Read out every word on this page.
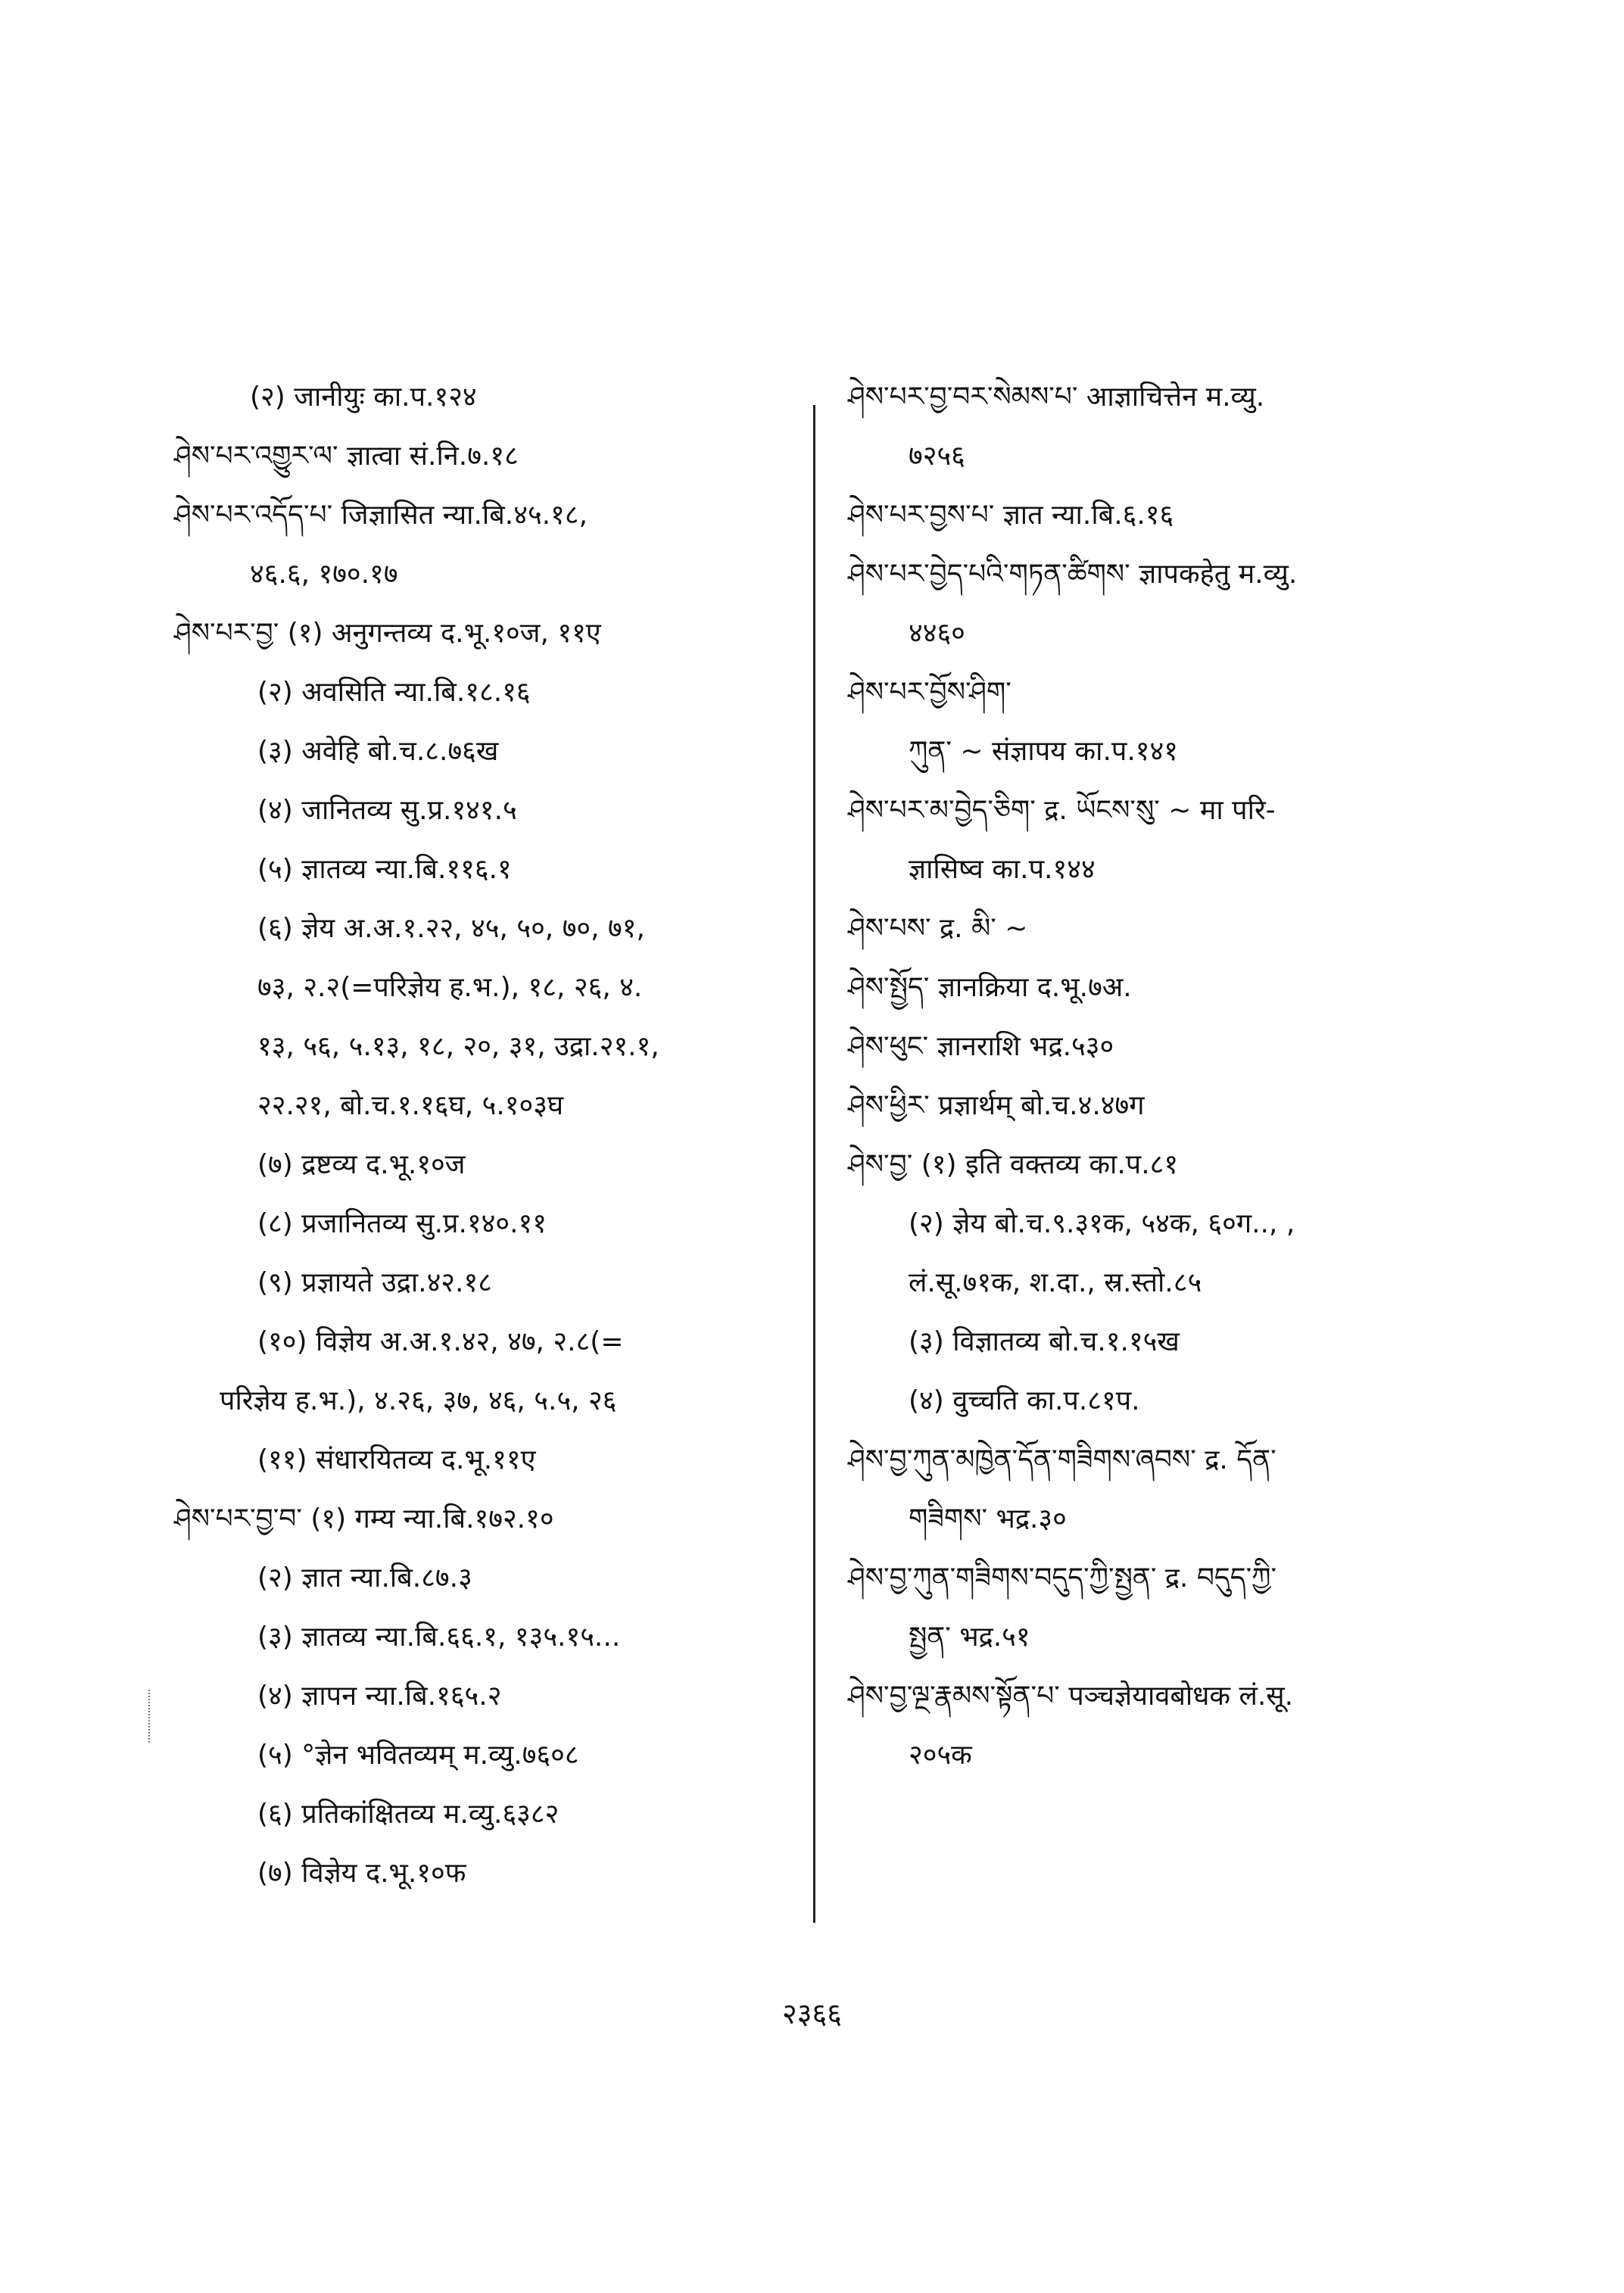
(२) जानीयुः का.प.१२४
ཤེས་པར་འགྱུར་ལ་ ज्ञात्वा सं.नि.७.१८
ཤེས་པར་འདོད་པ་ जिज्ञासित न्या.बि.४५.१८,
४६.६, १७०.१७
ཤེས་པར་བྱ་ (१) अनुगन्तव्य द.भू.१०ज, ११ए
(२) अवसिति न्या.बि.१८.१६
(३) अवेहि बो.च.८.७६ख
(४) जानितव्य सु.प्र.१४१.५
(५) ज्ञातव्य न्या.बि.११६.१
(६) ज्ञेय अ.अ.१.२२, ४५, ५०, ७०, ७१,
७३, २.२(=परिज्ञेय ह.भ.), १८, २६, ४.
१३, ५६, ५.१३, १८, २०, ३१, उद्रा.२१.१,
२२.२१, बो.च.१.१६घ, ५.१०३घ
(७) द्रष्टव्य द.भू.१०ज
(८) प्रजानितव्य सु.प्र.१४०.११
(९) प्रज्ञायते उद्रा.४२.१८
(१०) विज्ञेय अ.अ.१.४२, ४७, २.८(=
परिज्ञेय ह.भ.), ४.२६, ३७, ४६, ५.५, २६
(११) संधारयितव्य द.भू.११ए
ཤེས་པར་བྱ་བ་ (१) गम्य न्या.बि.१७२.१०
(२) ज्ञात न्या.बि.८७.३
(३) ज्ञातव्य न्या.बि.६६.१, १३५.१५...
(४) ज्ञापन न्या.बि.१६५.२
(५) °ज्ञेन भवितव्यम् म.व्यु.७६०८
(६) प्रतिकांक्षितव्य म.व्यु.६३८२
(७) विज्ञेय द.भू.१०फ
ཤེས་པར་བྱ་བར་སེམས་པ་ आज्ञाचित्तेन म.व्यु.
७२५६
ཤེས་པར་བྱས་པ་ ज्ञात न्या.बि.६.१६
ཤེས་པར་བྱེད་པའི་གཏན་ཚིགས་ ज्ञापकहेतु म.व्यु.
४४६०
ཤེས་པར་བྱོས་ཤིག་
ཀུན་ ~ संज्ञापय का.प.१४१
ཤེས་པར་མ་བྱེད་ཅིག་ द्र. ཡོངས་སུ་ ~ मा परि-
ज्ञासिष्व का.प.१४४
ཤེས་པས་ द्र. མི་ ~
ཤེས་སྤྱོད་ ज्ञानक्रिया द.भू.७अ.
ཤེས་ཕུང་ ज्ञानराशि भद्र.५३०
ཤེས་ཕྱིར་ प्रज्ञार्थम् बो.च.४.४७ग
ཤེས་བྱ་ (१) इति वक्तव्य का.प.८१
(२) ज्ञेय बो.च.९.३१क, ५४क, ६०ग.., ,
लं.सू.७१क, श.दा., स्र.स्तो.८५
(३) विज्ञातव्य बो.च.१.१५ख
(४) वुच्चति का.प.८१प.
ཤེས་བྱ་ཀུན་མཁྱེན་དོན་གཟིགས་ཞབས་ द्र. དོན་
གཟིགས་ भद्र.३०
ཤེས་བྱ་ཀུན་གཟིགས་བདུད་ཀྱི་སྤྱན་ द्र. བདུད་ཀྱི་
སྤྱན་ भद्र.५१
ཤེས་བྱ་ལྔ་རྣམས་སྟོན་པ་ पञ्चज्ञेयावबोधक लं.सू.
२०५क
२३६६
